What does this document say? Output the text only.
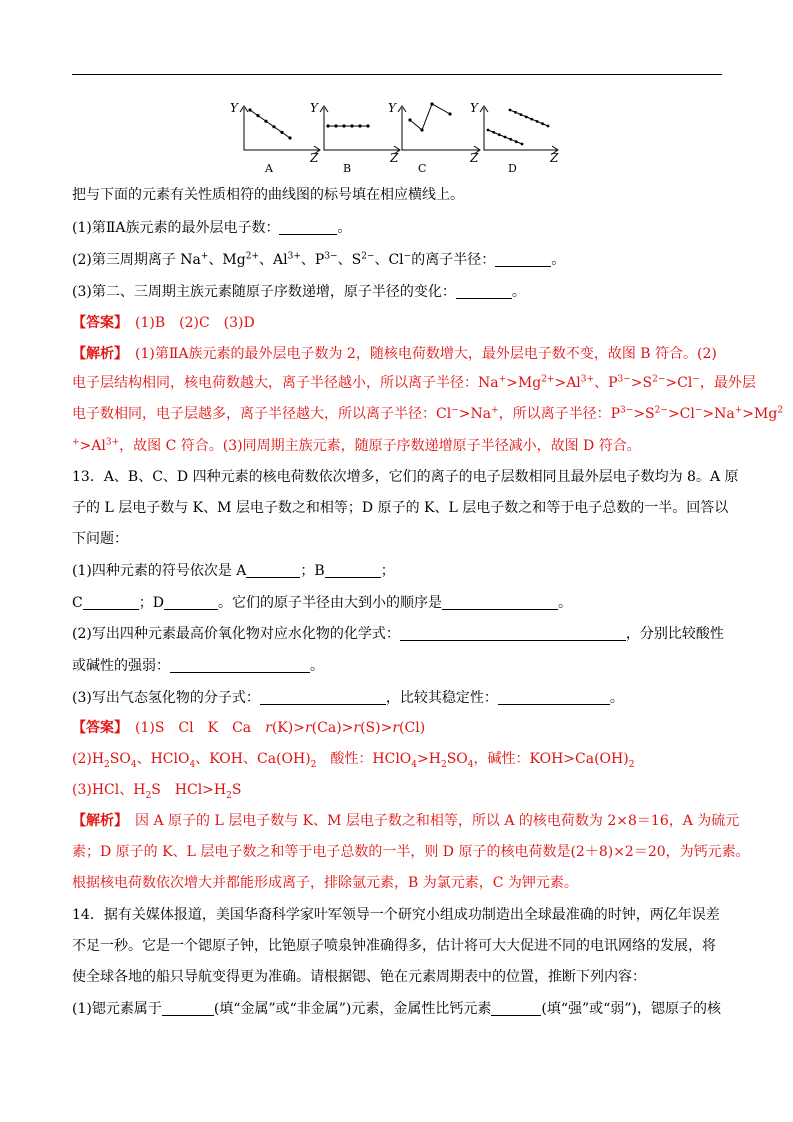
Y
Z
Y
Z
Y
Z
Y
Z
A	B	C	D
把与下面的元素有关性质相符的曲线图的标号填在相应横线上。
(1)第ⅡA族元素的最外层电子数：	。
(2)第三周期离子 Na+、$Mg^{2+}$、$Al^{3+}$、$P^{3-}$、$S^{2-}$、Cl−的离子半径：	。
(3)第二、三周期主族元素随原子序数递增，原子半径的变化：	。
【答案】　 (1)B　(2)C　(3)D
【解析】　 (1)第ⅡA族元素的最外层电子数为 2，随核电荷数增大，最外层电子数不变，故图 B 符合。(2)
电子层结构相同，核电荷数越大，离子半径越小，所以离子半径：$Na^+>Mg^{2+}>Al^{3+}$、$P^{3-}>S^{2-}>Cl^-$，最外层
电子数相同，电子层越多，离子半径越大，所以离子半径：Cl−>Na+，所以离子半径：$P^{3-}>S^{2-}>Cl^->Na^+>Mg^2$
$^+>Al^{3+}$，故图 C 符合。(3)同周期主族元素，随原子序数递增原子半径减小，故图 D 符合。
13．A、B、C、D 四种元素的核电荷数依次增多，它们的离子的电子层数相同且最外层电子数均为 8。A 原
子的 L 层电子数与 K、M 层电子数之和相等；D 原子的 K、L 层电子数之和等于电子总数的一半。回答以
下问题：
(1)四种元素的符号依次是 A	；B	；
C	；D	。它们的原子半径由大到小的顺序是	。
(2)写出四种元素最高价氧化物对应水化物的化学式：	，分别比较酸性
或碱性的强弱：	。
(3)写出气态氢化物的分子式：	，比较其稳定性：	。
【答案】　 (1)S　Cl　K　Ca　r(K)>r(Ca)>r(S)>r(Cl)
$(2)H_2SO_4$、HClO$_4$、KOH、$Ca(OH)_2$　酸性：$HClO_4>H_2SO_4$，碱性：$KOH>Ca(OH)_2$
(3)HCl、$H_2S$　$HCl>H_2S$
【解析】　因 A 原子的 L 层电子数与 K、M 层电子数之和相等，所以 A 的核电荷数为 2×8＝16，A 为硫元
素；D 原子的 K、L 层电子数之和等于电子总数的一半，则 D 原子的核电荷数是(2＋8)×2＝20，为钙元素。
根据核电荷数依次增大并都能形成离子，排除氩元素，B 为氯元素，C 为钾元素。
14．据有关媒体报道，美国华裔科学家叶军领导一个研究小组成功制造出全球最准确的时钟，两亿年误差
不足一秒。它是一个锶原子钟，比铯原子喷泉钟准确得多，估计将可大大促进不同的电讯网络的发展，将
使全球各地的船只导航变得更为准确。请根据锶、铯在元素周期表中的位置，推断下列内容：
(1)锶元素属于	(填“金属”或“非金属”)元素，金属性比钙元素	(填“强”或“弱”)，锶原子的核
